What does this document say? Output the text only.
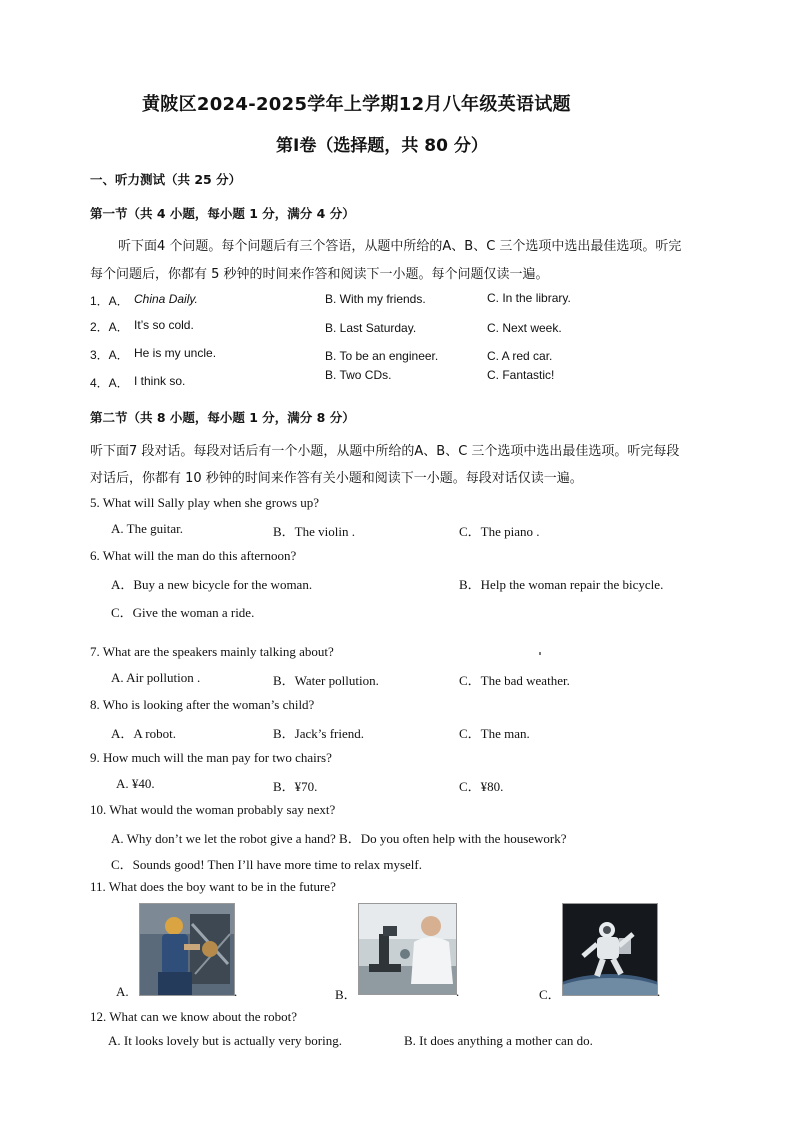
黄陂区2024-2025学年上学期12月八年级英语试题
第Ⅰ卷（选择题，共 80 分）
一、听力测试（共 25 分）
第一节（共 4 小题，每小题 1 分，满分 4 分）
听下面4 个问题。每个问题后有三个答语，从题中所给的A、B、C 三个选项中选出最佳选项。听完
每个问题后，你都有 5 秒钟的时间来作答和阅读下一小题。每个问题仅读一遍。
1．A． China Daily.	B. With my friends.	C. In the library.
2．A． It’s so cold.	B. Last Saturday.	C. Next week.
3．A． He is my uncle.	B. To be an engineer.	C. A red car.
4．A． I think so.	B. Two CDs.	C. Fantastic!
第二节（共 8 小题，每小题 1 分，满分 8 分）
听下面7 段对话。每段对话后有一个小题，从题中所给的A、B、C 三个选项中选出最佳选项。听完每段
对话后，你都有 10 秒钟的时间来作答有关小题和阅读下一小题。每段对话仅读一遍。
5. What will Sally play when she grows up?
A. The guitar.	B．The violin .	C．The piano .
6. What will the man do this afternoon?
A．Buy a new bicycle for the woman.	B．Help the woman repair the bicycle.
C．Give the woman a ride.
7. What are the speakers mainly talking about?
A. Air pollution .	B．Water pollution.	C．The bad weather.
8. Who is looking after the woman’s child?
A．A robot.	B．Jack’s friend.	C．The man.
9. How much will the man pay for two chairs?
A. ¥40.	B．¥70.	C．¥80.
10. What would the woman probably say next?
A. Why don’t we let the robot give a hand? B．Do you often help with the housework?
C．Sounds good! Then I’ll have more time to relax myself.
11. What does the boy want to be in the future?
A.	.	B．	.	C．	.
12. What can we know about the robot?
A. It looks lovely but is actually very boring.	B. It does anything a mother can do.
